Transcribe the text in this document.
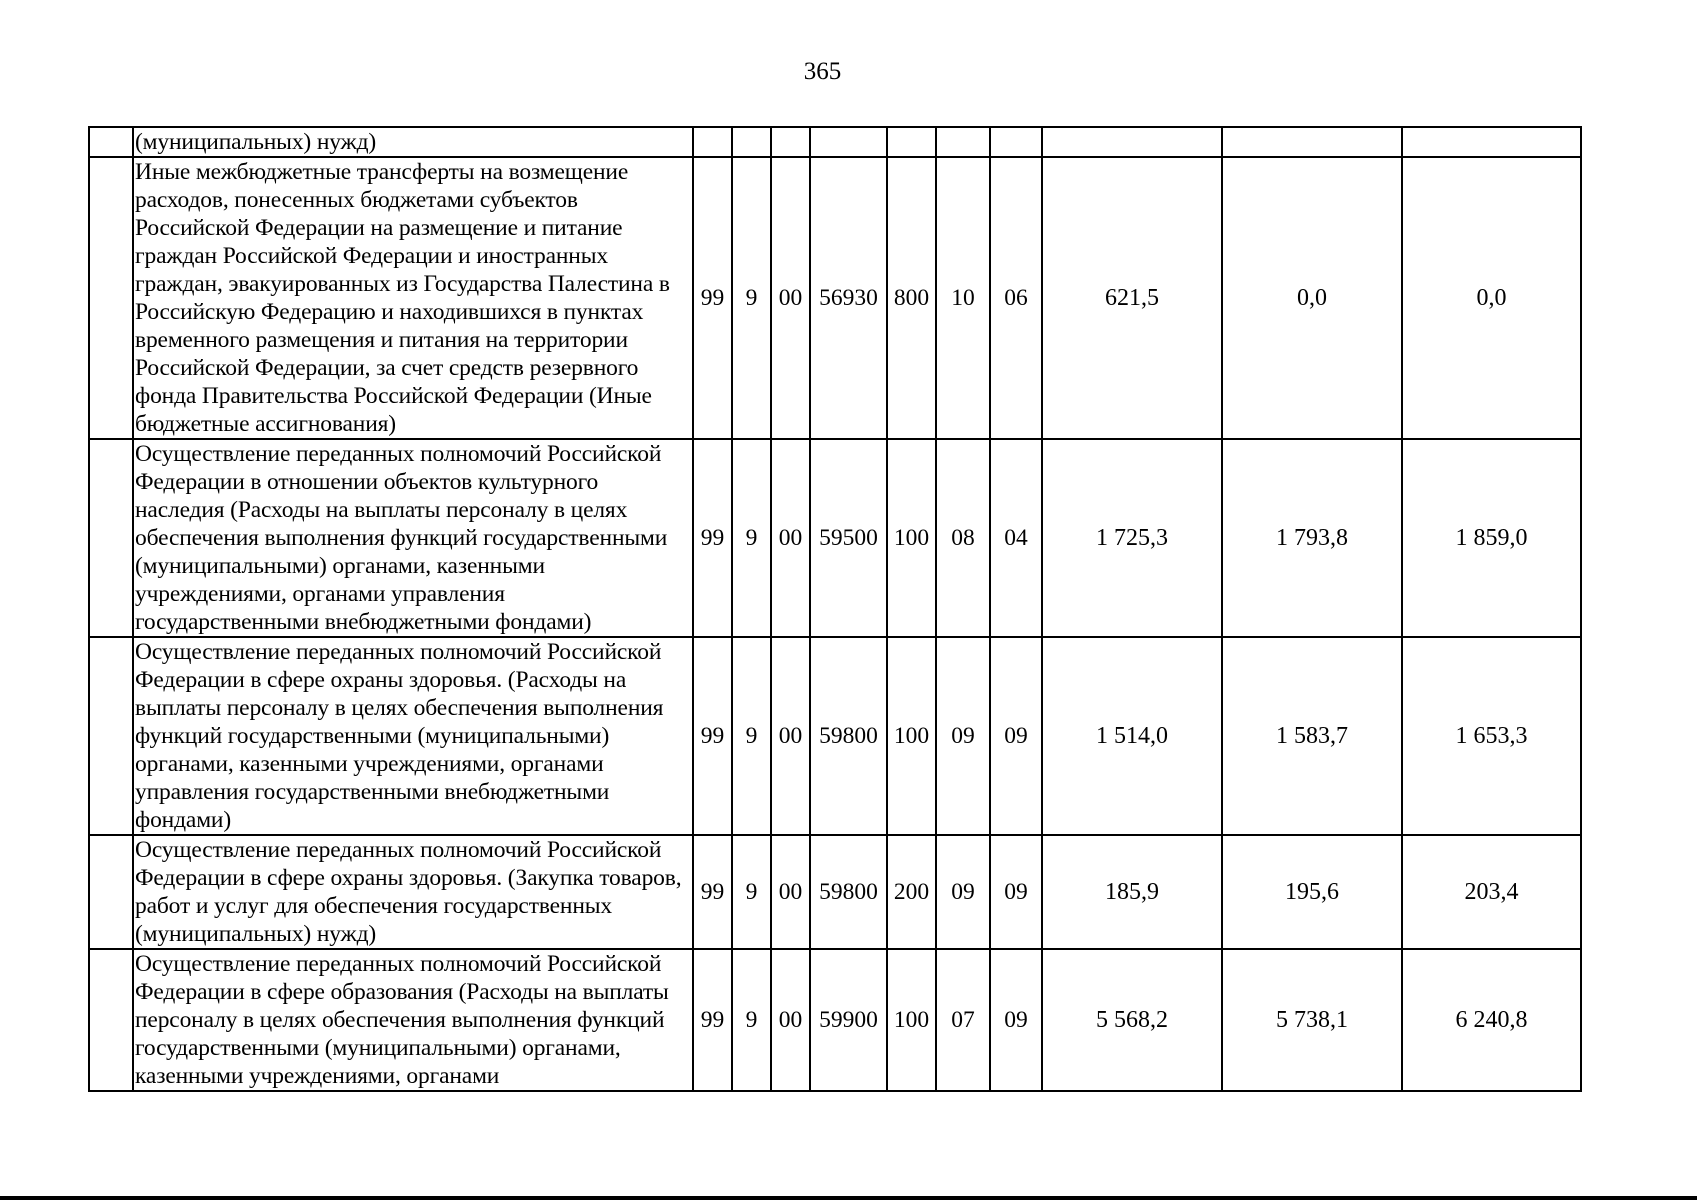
365
	(муниципальных) нужд)										
	Иные межбюджетные трансферты на возмещение расходов, понесенных бюджетами субъектов Российской Федерации на размещение и питание граждан Российской Федерации и иностранных граждан, эвакуированных из Государства Палестина в Российскую Федерацию и находившихся в пунктах временного размещения и питания на территории Российской Федерации, за счет средств резервного фонда Правительства Российской Федерации (Иные бюджетные ассигнования)	99	9	00	56930	800	10	06	621,5	0,0	0,0
	Осуществление переданных полномочий Российской Федерации в отношении объектов культурного наследия (Расходы на выплаты персоналу в целях обеспечения выполнения функций государственными (муниципальными) органами, казенными учреждениями, органами управления государственными внебюджетными фондами)	99	9	00	59500	100	08	04	1 725,3	1 793,8	1 859,0
	Осуществление переданных полномочий Российской Федерации в сфере охраны здоровья. (Расходы на выплаты персоналу в целях обеспечения выполнения функций государственными (муниципальными) органами, казенными учреждениями, органами управления государственными внебюджетными фондами)	99	9	00	59800	100	09	09	1 514,0	1 583,7	1 653,3
	Осуществление переданных полномочий Российской Федерации в сфере охраны здоровья. (Закупка товаров, работ и услуг для обеспечения государственных (муниципальных) нужд)	99	9	00	59800	200	09	09	185,9	195,6	203,4
	Осуществление переданных полномочий Российской Федерации в сфере образования (Расходы на выплаты персоналу в целях обеспечения выполнения функций государственными (муниципальными) органами, казенными учреждениями, органами	99	9	00	59900	100	07	09	5 568,2	5 738,1	6 240,8
